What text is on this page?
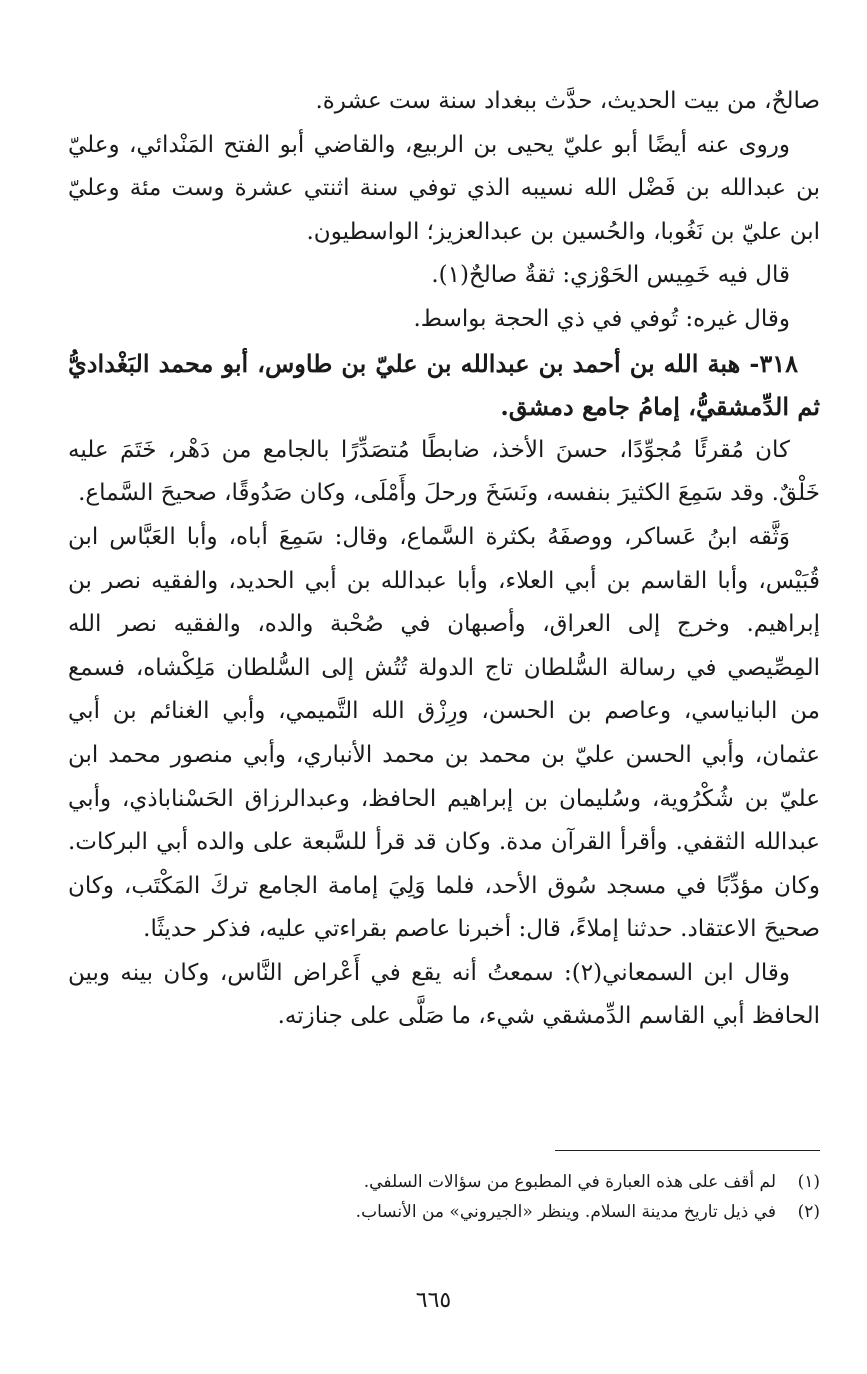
صالحٌ، من بيت الحديث، حدَّث ببغداد سنة ست عشرة.

وروى عنه أيضًا أبو عليّ يحيى بن الربيع، والقاضي أبو الفتح المَنْدائي، وعليّ بن عبدالله بن فَضْل الله نسيبه الذي توفي سنة اثنتي عشرة وست مئة وعليّ ابن عليّ بن نَغُوبا، والحُسين بن عبدالعزيز؛ الواسطيون.

قال فيه خَمِيس الحَوْزي: ثقةٌ صالحٌ(١).

وقال غيره: تُوفي في ذي الحجة بواسط.

٣١٨- هبة الله بن أحمد بن عبدالله بن عليّ بن طاوس، أبو محمد البَغْداديُّ ثم الدِّمشقيُّ، إمامُ جامع دمشق.

كان مُقرئًا مُجوِّدًا، حسنَ الأخذ، ضابطًا مُتصَدِّرًا بالجامع من دَهْر، خَتَمَ عليه خَلْقٌ. وقد سَمِعَ الكثيرَ بنفسه، ونَسَخَ ورحلَ وأَمْلَى، وكان صَدُوقًا، صحيحَ السَّماع.

وَثَّقه ابنُ عَساكر، ووصفَهُ بكثرة السَّماع، وقال: سَمِعَ أباه، وأبا العَبَّاس ابن قُبَيْس، وأبا القاسم بن أبي العلاء، وأبا عبدالله بن أبي الحديد، والفقيه نصر بن إبراهيم. وخرج إلى العراق، وأصبهان في صُحْبة والده، والفقيه نصر الله المِصِّيصي في رسالة السُّلطان تاج الدولة تُتُش إلى السُّلطان مَلِكْشاه، فسمع من البانياسي، وعاصم بن الحسن، ورِزْق الله التَّميمي، وأبي الغنائم بن أبي عثمان، وأبي الحسن عليّ بن محمد بن محمد الأنباري، وأبي منصور محمد ابن عليّ بن شُكْرُوية، وسُليمان بن إبراهيم الحافظ، وعبدالرزاق الحَسْناباذي، وأبي عبدالله الثقفي. وأقرأ القرآن مدة. وكان قد قرأ للسَّبعة على والده أبي البركات. وكان مؤدِّبًا في مسجد سُوق الأحد، فلما وَلِيَ إمامة الجامع تركَ المَكْتَب، وكان صحيحَ الاعتقاد. حدثنا إملاءً، قال: أخبرنا عاصم بقراءتي عليه، فذكر حديثًا.

وقال ابن السمعاني(٢): سمعتُ أنه يقع في أَعْراض النَّاس، وكان بينه وبين الحافظ أبي القاسم الدِّمشقي شيء، ما صَلَّى على جنازته.

(١)لم أقف على هذه العبارة في المطبوع من سؤالات السلفي.

(٢)في ذيل تاريخ مدينة السلام. وينظر «الجيروني» من الأنساب.

٦٦٥
